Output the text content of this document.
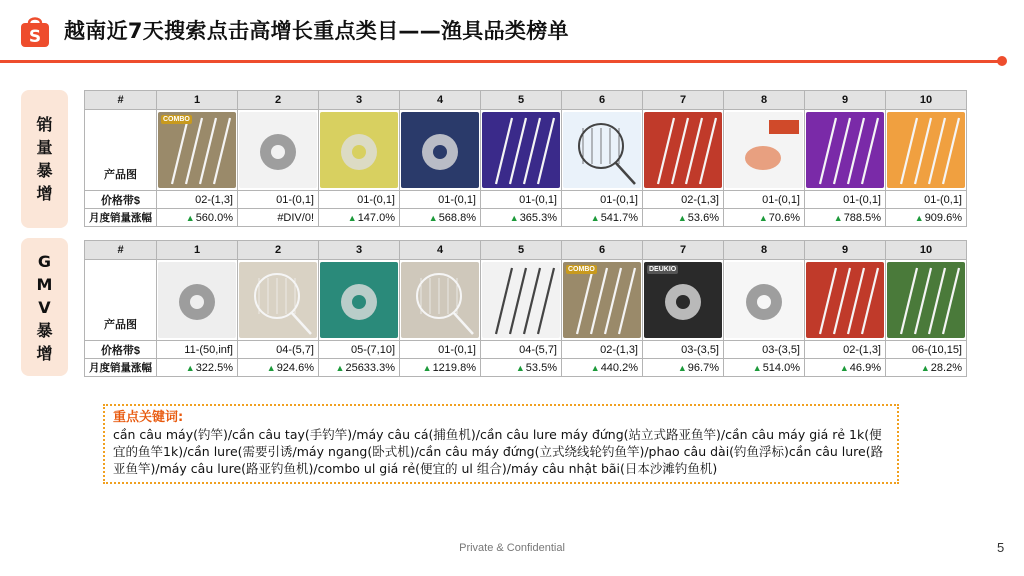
S 越南近7天搜索点击高增长重点类目——渔具品类榜单
销
量
暴
增
#	1	2	3	4	5	6	7	8	9	10
产品图	COMBO

价格带$	02-(1,3]	01-(0,1]	01-(0,1]	01-(0,1]	01-(0,1]	01-(0,1]	02-(1,3]	01-(0,1]	01-(0,1]	01-(0,1]
月度销量涨幅	▲560.0%	#DIV/0!	▲147.0%	▲568.8%	▲365.3%	▲541.7%	▲53.6%	▲70.6%	▲788.5%	▲909.6%
G
M
V
暴
增
#	1	2	3	4	5	6	7	8	9	10
产品图						COMBO	DEUKIO

价格带$	11-(50,inf]	04-(5,7]	05-(7,10]	01-(0,1]	04-(5,7]	02-(1,3]	03-(3,5]	03-(3,5]	02-(1,3]	06-(10,15]
月度销量涨幅	▲322.5%	▲924.6%	▲25633.3%	▲1219.8%	▲53.5%	▲440.2%	▲96.7%	▲514.0%	▲46.9%	▲28.2%
重点关键词:
cần câu máy(钓竿)/cần câu tay(手钓竿)/máy câu cá(捕鱼机)/cần câu lure máy đứng(站立式路亚鱼竿)/cần câu máy giá rẻ 1k(便宜的鱼竿1k)/cần lure(需要引诱/máy ngang(卧式机)/cần câu máy đứng(立式绕线轮钓鱼竿)/phao câu dài(钓鱼浮标)cần câu lure(路亚鱼竿)/máy câu lure(路亚钓鱼机)/combo ul giá rẻ(便宜的 ul 组合)/máy câu nhật bãi(日本沙滩钓鱼机)
Private & Confidential	5
